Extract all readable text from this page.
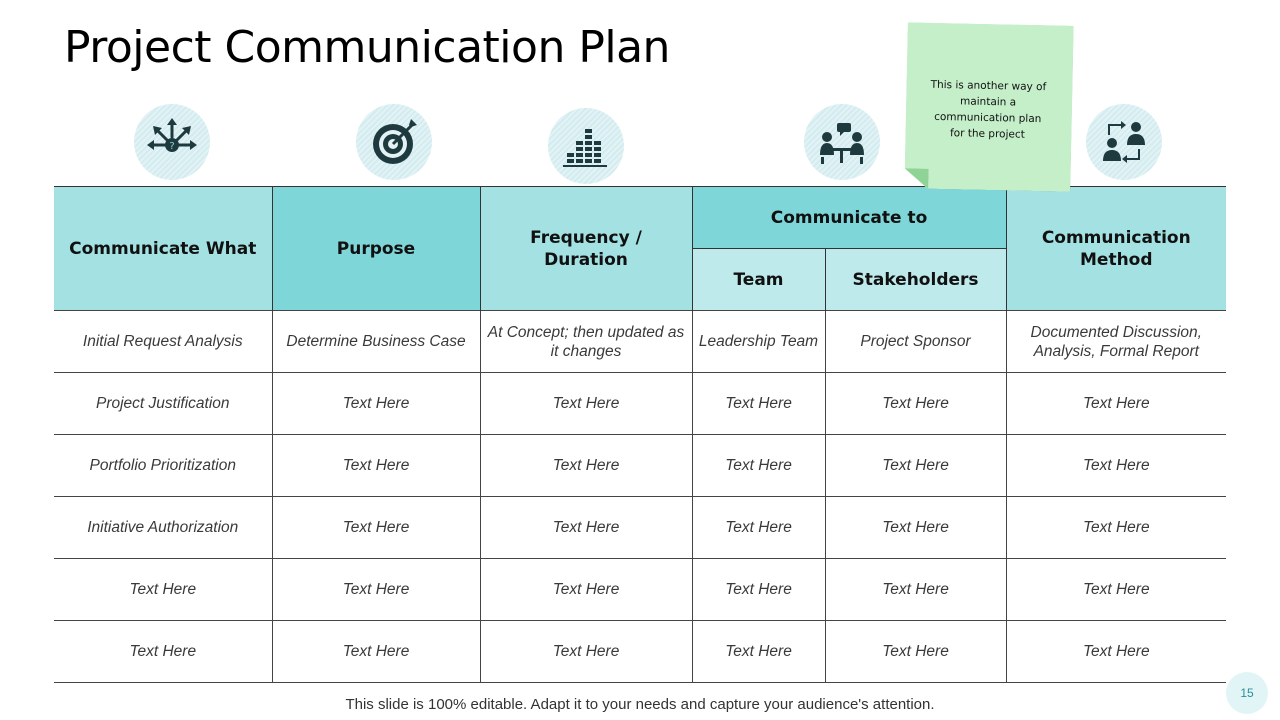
Project Communication Plan
?
Communicate What	Purpose	Frequency / Duration	Communicate to		Communication Method
			Team	Stakeholders	
Initial Request Analysis	Determine Business Case	At Concept; then updated as it changes	Leadership Team	Project Sponsor	Documented Discussion, Analysis, Formal Report
Project Justification	Text Here	Text Here	Text Here	Text Here	Text Here
Portfolio Prioritization	Text Here	Text Here	Text Here	Text Here	Text Here
Initiative Authorization	Text Here	Text Here	Text Here	Text Here	Text Here
Text Here	Text Here	Text Here	Text Here	Text Here	Text Here
Text Here	Text Here	Text Here	Text Here	Text Here	Text Here
This is another way of maintain a communication plan for the project
This slide is 100% editable. Adapt it to your needs and capture your audience's attention.
15
